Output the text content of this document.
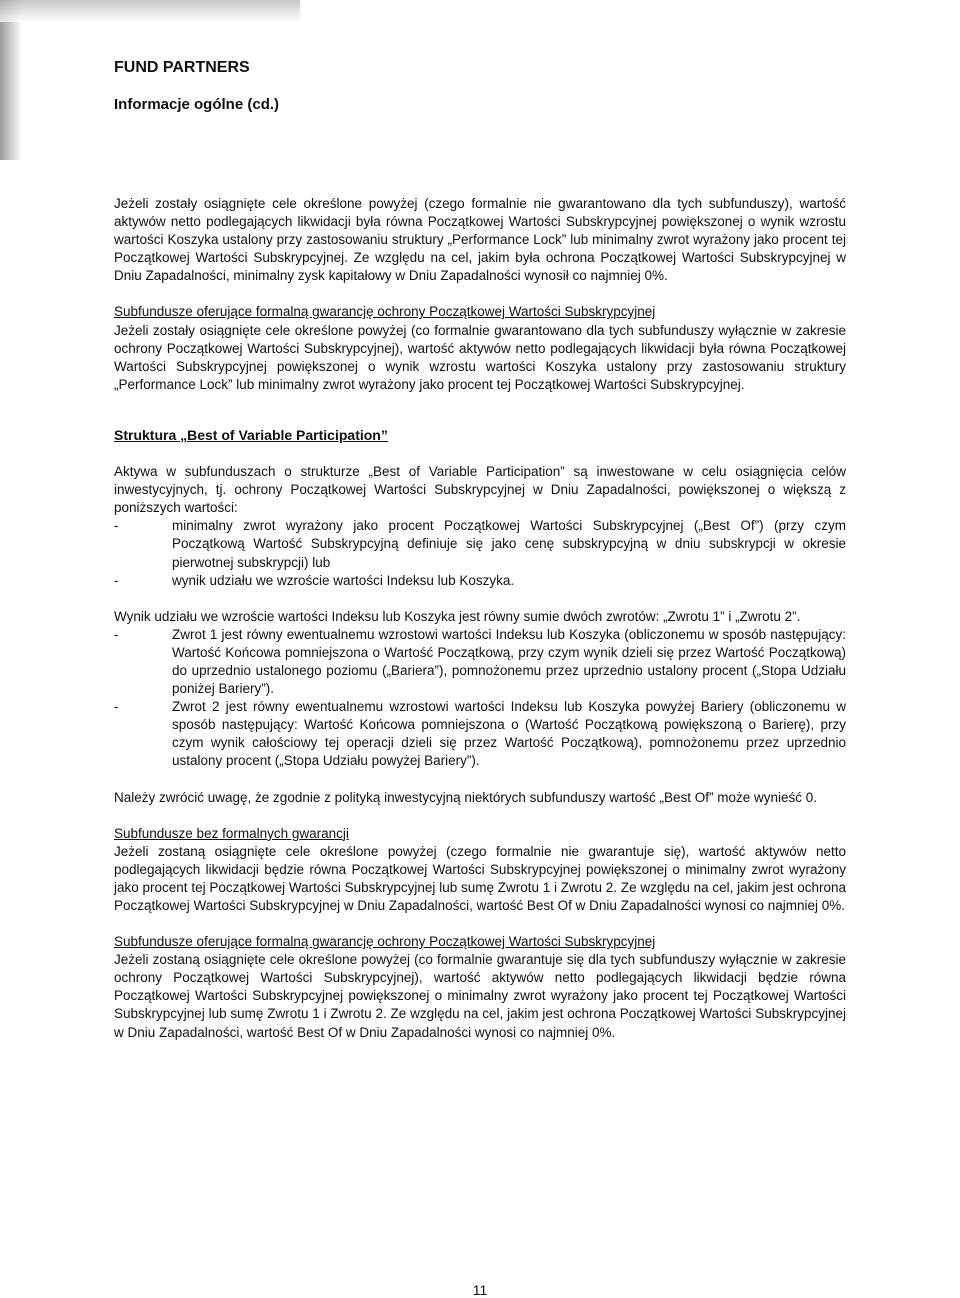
FUND PARTNERS

Informacje ogólne (cd.)

Jeżeli zostały osiągnięte cele określone powyżej (czego formalnie nie gwarantowano dla tych subfunduszy), wartość aktywów netto podlegających likwidacji była równa Początkowej Wartości Subskrypcyjnej powiększonej o wynik wzrostu wartości Koszyka ustalony przy zastosowaniu struktury „Performance Lock” lub minimalny zwrot wyrażony jako procent tej Początkowej Wartości Subskrypcyjnej. Ze względu na cel, jakim była ochrona Początkowej Wartości Subskrypcyjnej w Dniu Zapadalności, minimalny zysk kapitałowy w Dniu Zapadalności wynosił co najmniej 0%.

Subfundusze oferujące formalną gwarancję ochrony Początkowej Wartości Subskrypcyjnej

Jeżeli zostały osiągnięte cele określone powyżej (co formalnie gwarantowano dla tych subfunduszy wyłącznie w zakresie ochrony Początkowej Wartości Subskrypcyjnej), wartość aktywów netto podlegających likwidacji była równa Początkowej Wartości Subskrypcyjnej powiększonej o wynik wzrostu wartości Koszyka ustalony przy zastosowaniu struktury „Performance Lock” lub minimalny zwrot wyrażony jako procent tej Początkowej Wartości Subskrypcyjnej.

Struktura „Best of Variable Participation”

Aktywa w subfunduszach o strukturze „Best of Variable Participation” są inwestowane w celu osiągnięcia celów inwestycyjnych, tj. ochrony Początkowej Wartości Subskrypcyjnej w Dniu Zapadalności, powiększonej o większą z poniższych wartości:

-	minimalny zwrot wyrażony jako procent Początkowej Wartości Subskrypcyjnej („Best Of”) (przy czym Początkową Wartość Subskrypcyjną definiuje się jako cenę subskrypcyjną w dniu subskrypcji w okresie pierwotnej subskrypcji) lub
-	wynik udziału we wzroście wartości Indeksu lub Koszyka.

Wynik udziału we wzroście wartości Indeksu lub Koszyka jest równy sumie dwóch zwrotów: „Zwrotu 1” i „Zwrotu 2”.

-	Zwrot 1 jest równy ewentualnemu wzrostowi wartości Indeksu lub Koszyka (obliczonemu w sposób następujący: Wartość Końcowa pomniejszona o Wartość Początkową, przy czym wynik dzieli się przez Wartość Początkową) do uprzednio ustalonego poziomu („Bariera”), pomnożonemu przez uprzednio ustalony procent („Stopa Udziału poniżej Bariery”).
-	Zwrot 2 jest równy ewentualnemu wzrostowi wartości Indeksu lub Koszyka powyżej Bariery (obliczonemu w sposób następujący: Wartość Końcowa pomniejszona o (Wartość Początkową powiększoną o Barierę), przy czym wynik całościowy tej operacji dzieli się przez Wartość Początkową), pomnożonemu przez uprzednio ustalony procent („Stopa Udziału powyżej Bariery”).

Należy zwrócić uwagę, że zgodnie z polityką inwestycyjną niektórych subfunduszy wartość „Best Of” może wynieść 0.

Subfundusze bez formalnych gwarancji

Jeżeli zostaną osiągnięte cele określone powyżej (czego formalnie nie gwarantuje się), wartość aktywów netto podlegających likwidacji będzie równa Początkowej Wartości Subskrypcyjnej powiększonej o minimalny zwrot wyrażony jako procent tej Początkowej Wartości Subskrypcyjnej lub sumę Zwrotu 1 i Zwrotu 2. Ze względu na cel, jakim jest ochrona Początkowej Wartości Subskrypcyjnej w Dniu Zapadalności, wartość Best Of w Dniu Zapadalności wynosi co najmniej 0%.

Subfundusze oferujące formalną gwarancję ochrony Początkowej Wartości Subskrypcyjnej

Jeżeli zostaną osiągnięte cele określone powyżej (co formalnie gwarantuje się dla tych subfunduszy wyłącznie w zakresie ochrony Początkowej Wartości Subskrypcyjnej), wartość aktywów netto podlegających likwidacji będzie równa Początkowej Wartości Subskrypcyjnej powiększonej o minimalny zwrot wyrażony jako procent tej Początkowej Wartości Subskrypcyjnej lub sumę Zwrotu 1 i Zwrotu 2. Ze względu na cel, jakim jest ochrona Początkowej Wartości Subskrypcyjnej w Dniu Zapadalności, wartość Best Of w Dniu Zapadalności wynosi co najmniej 0%.

11
